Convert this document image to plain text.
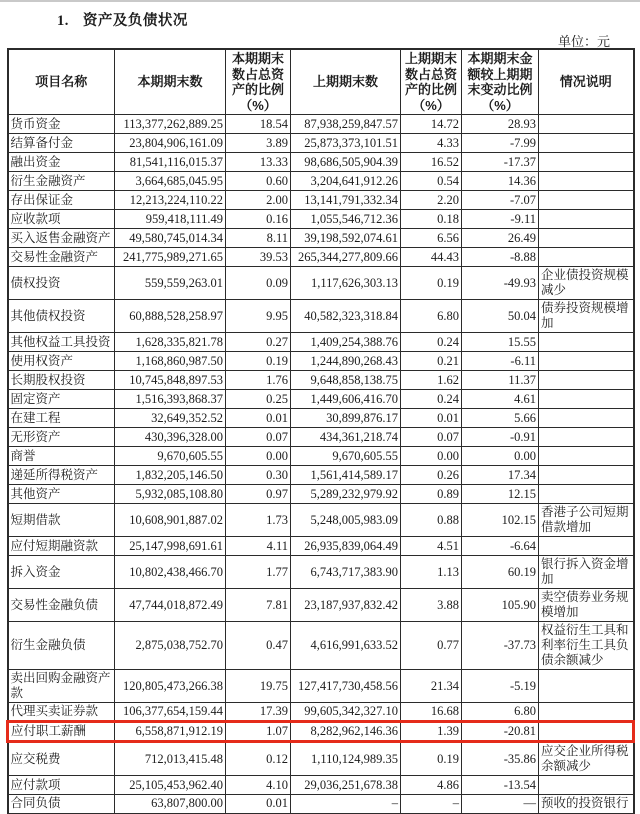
1. 资产及负债状况
单位：元
项目名称	本期期末数	本期期末数占总资产的比例（%）	上期期末数	上期期末数占总资产的比例（%）	本期期末金额较上期期末变动比例（%）	情况说明
货币资金	113,377,262,889.25	18.54	87,938,259,847.57	14.72	28.93	
结算备付金	23,804,906,161.09	3.89	25,873,373,101.51	4.33	-7.99	
融出资金	81,541,116,015.37	13.33	98,686,505,904.39	16.52	-17.37	
衍生金融资产	3,664,685,045.95	0.60	3,204,641,912.26	0.54	14.36	
存出保证金	12,213,224,110.22	2.00	13,141,791,332.34	2.20	-7.07	
应收款项	959,418,111.49	0.16	1,055,546,712.36	0.18	-9.11	
买入返售金融资产	49,580,745,014.34	8.11	39,198,592,074.61	6.56	26.49	
交易性金融资产	241,775,989,271.65	39.53	265,344,277,809.66	44.43	-8.88	
债权投资	559,559,263.01	0.09	1,117,626,303.13	0.19	-49.93	企业债投资规模减少
其他债权投资	60,888,528,258.97	9.95	40,582,323,318.84	6.80	50.04	债券投资规模增加
其他权益工具投资	1,628,335,821.78	0.27	1,409,254,388.76	0.24	15.55	
使用权资产	1,168,860,987.50	0.19	1,244,890,268.43	0.21	-6.11	
长期股权投资	10,745,848,897.53	1.76	9,648,858,138.75	1.62	11.37	
固定资产	1,516,393,868.37	0.25	1,449,606,416.70	0.24	4.61	
在建工程	32,649,352.52	0.01	30,899,876.17	0.01	5.66	
无形资产	430,396,328.00	0.07	434,361,218.74	0.07	-0.91	
商誉	9,670,605.55	0.00	9,670,605.55	0.00	0.00	
递延所得税资产	1,832,205,146.50	0.30	1,561,414,589.17	0.26	17.34	
其他资产	5,932,085,108.80	0.97	5,289,232,979.92	0.89	12.15	
短期借款	10,608,901,887.02	1.73	5,248,005,983.09	0.88	102.15	香港子公司短期借款增加
应付短期融资款	25,147,998,691.61	4.11	26,935,839,064.49	4.51	-6.64	
拆入资金	10,802,438,466.70	1.77	6,743,717,383.90	1.13	60.19	银行拆入资金增加
交易性金融负债	47,744,018,872.49	7.81	23,187,937,832.42	3.88	105.90	卖空债券业务规模增加
衍生金融负债	2,875,038,752.70	0.47	4,616,991,633.52	0.77	-37.73	权益衍生工具和利率衍生工具负债余额减少
卖出回购金融资产款	120,805,473,266.38	19.75	127,417,730,458.56	21.34	-5.19	
代理买卖证券款	106,377,654,159.44	17.39	99,605,342,327.10	16.68	6.80	
应付职工薪酬	6,558,871,912.19	1.07	8,282,962,146.36	1.39	-20.81	
应交税费	712,013,415.48	0.12	1,110,124,989.35	0.19	-35.86	应交企业所得税余额减少
应付款项	25,105,453,962.40	4.10	29,036,251,678.38	4.86	-13.54	
合同负债	63,807,800.00	0.01	–	–	—	预收的投资银行
